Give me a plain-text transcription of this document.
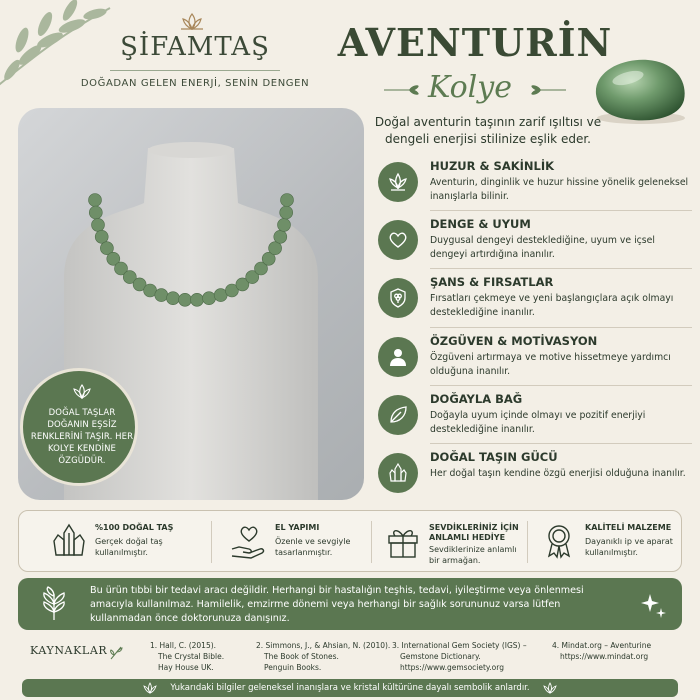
ŞİFAMTAŞ
DOĞADAN GELEN ENERJİ, SENİN DENGEN
AVENTURİN
Kolye
Doğal aventurin taşının zarif ışıltısı ve dengeli enerjisi stilinize eşlik eder.
DOĞAL TAŞLAR DOĞANIN EŞSİZ RENKLERİNİ TAŞIR. HER KOLYE KENDİNE ÖZGÜDÜR.
HUZUR & SAKİNLİK
Aventurin, dinginlik ve huzur hissine yönelik geleneksel inanışlarla bilinir.
DENGE & UYUM
Duygusal dengeyi desteklediğine, uyum ve içsel dengeyi artırdığına inanılır.
ŞANS & FIRSATLAR
Fırsatları çekmeye ve yeni başlangıçlara açık olmayı desteklediğine inanılır.
ÖZGÜVEN & MOTİVASYON
Özgüveni artırmaya ve motive hissetmeye yardımcı olduğuna inanılır.
DOĞAYLA BAĞ
Doğayla uyum içinde olmayı ve pozitif enerjiyi desteklediğine inanılır.
DOĞAL TAŞIN GÜCÜ
Her doğal taşın kendine özgü enerjisi olduğuna inanılır.
%100 DOĞAL TAŞ
Gerçek doğal taş kullanılmıştır.
EL YAPIMI
Özenle ve sevgiyle tasarlanmıştır.
SEVDİKLERİNİZ İÇİN ANLAMLI HEDİYE
Sevdiklerinize anlamlı bir armağan.
KALİTELİ MALZEME
Dayanıklı ip ve aparat kullanılmıştır.
Bu ürün tıbbi bir tedavi aracı değildir. Herhangi bir hastalığın teşhis, tedavi, iyileştirme veya önlenmesi amacıyla kullanılmaz. Hamilelik, emzirme dönemi veya herhangi bir sağlık sorununuz varsa lütfen kullanmadan önce doktorunuza danışınız.
KAYNAKLAR	1. Hall, C. (2015).
The Crystal Bible.
Hay House UK.
2. Simmons, J., & Ahsian, N. (2010).
The Book of Stones.
Penguin Books.
3. International Gem Society (IGS) –
Gemstone Dictionary.
https://www.gemsociety.org
4. Mindat.org – Aventurine
https://www.mindat.org
Yukarıdaki bilgiler geleneksel inanışlara ve kristal kültürüne dayalı sembolik anlardır.
